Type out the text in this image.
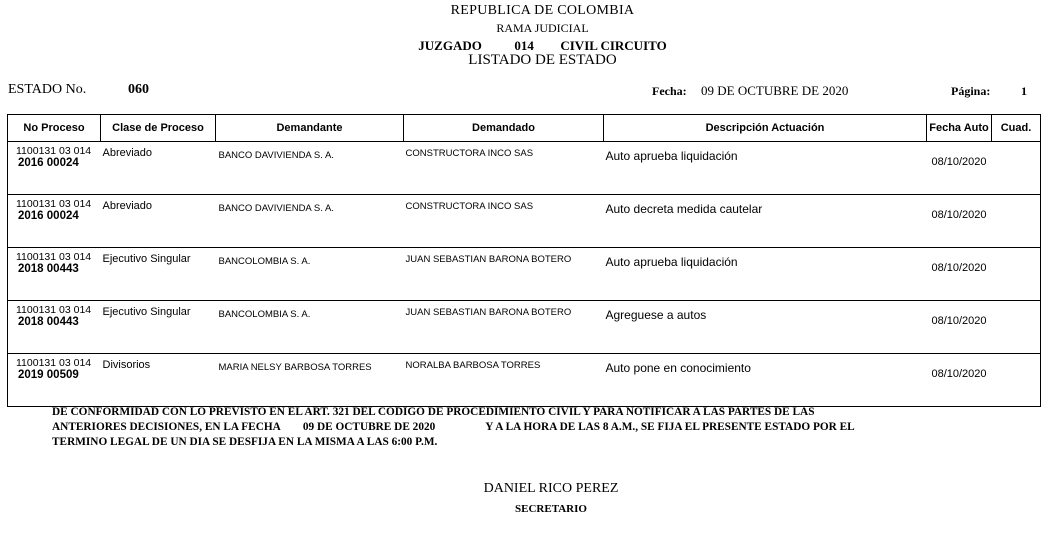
REPUBLICA DE COLOMBIA
RAMA JUDICIAL
JUZGADO	014 CIVIL CIRCUITO
LISTADO DE ESTADO
ESTADO No.	060	Fecha: 09 DE OCTUBRE DE 2020	Página:	1
No Proceso	Clase de Proceso	Demandante	Demandado	Descripción Actuación	Fecha Auto	Cuad.
1100131 03 014
2016 00024	Abreviado	BANCO DAVIVIENDA S. A.	CONSTRUCTORA INCO SAS	Auto aprueba liquidación	08/10/2020	
1100131 03 014
2016 00024	Abreviado	BANCO DAVIVIENDA S. A.	CONSTRUCTORA INCO SAS	Auto decreta medida cautelar	08/10/2020	
1100131 03 014
2018 00443	Ejecutivo Singular	BANCOLOMBIA S. A.	JUAN SEBASTIAN BARONA BOTERO	Auto aprueba liquidación	08/10/2020	
1100131 03 014
2018 00443	Ejecutivo Singular	BANCOLOMBIA S. A.	JUAN SEBASTIAN BARONA BOTERO	Agreguese a autos	08/10/2020	
1100131 03 014
2019 00509	Divisorios	MARIA NELSY BARBOSA TORRES	NORALBA BARBOSA TORRES	Auto pone en conocimiento	08/10/2020	
DE CONFORMIDAD CON LO PREVISTO EN EL ART. 321 DEL CODIGO DE PROCEDIMIENTO CIVIL Y PARA NOTIFICAR A LAS PARTES DE LAS
ANTERIORES DECISIONES, EN LA FECHA 09 DE OCTUBRE DE 2020	Y A LA HORA DE LAS 8 A.M., SE FIJA EL PRESENTE ESTADO POR EL
TERMINO LEGAL DE UN DIA SE DESFIJA EN LA MISMA A LAS 6:00 P.M.
DANIEL RICO PEREZ
SECRETARIO
